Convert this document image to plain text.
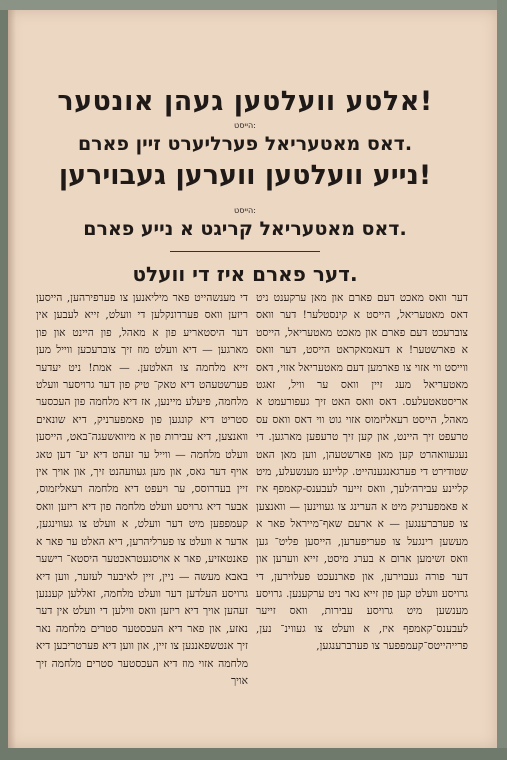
!אלטע וועלטען געהן אונטער
:הייסט
.דאס מאטעריאל פערליערט זיין פארם
!נייע וועלטען ווערען געבוירען
:הייסט
.דאס מאטעריאל קריגט א נייע פארם
.דער פארם איז די וועלט

דער וואס מאכט דעם פארם און מאן ערקענט ניט דאס מאטעריאל, הייסט א קינסטלער! דער וואס צוברעכט דעם פארם און מאכט מאטעריאל, הייסט א פארשטער! א דעאמאקראט הייסט, דער וואס ווייסט ווי אזוי צו פארמען דעם מאטעריאל אזוי, דאס מאטעריאל מעג זיין וואס ער וויל, זאגט אריסטאטעלעס. דאס וואס האט זיך געפורעמט א מאהל, הייסט רעאליזמוס אזוי גוט ווי דאס וואס עס טרעפט זיך היינט, און קען זיך טרעפען מארגען. די נעגעוואהרט קען מאן פארשטעהן, ווען מאן האט שטודירט די פערגאנגענהייט. קליינע מענשעלע, מיט קליינע עבירה׳לעך, וואס זייער לעבענס-קאמפף איז א פאמפערניק מיט א הערינג צו געווינען — וואנצען צו פערברענגען — א ארעם שאף־מייראל פאר א מעשען רינגעל צו פעריפערען, הייסען פליט־ גען וואס זשימען ארום א בערג מיסט, זייא ווערען און דער פורה געבוירען, און פארנעכט פעלוירען, די גרויסע וועלט קען פון זייא נאר ניט ערקענען. גרויסע מענשען מיט גרויסע עבירות, וואס זייער לעבענס־קאמפף איז, א וועלט צו געווינ־ נען, פרייהייטס־קעמפפער צו פערברענגען,

די מענשהייט פאר מיליאנען צו פערפירהען, הייסען ריזען וואס פערדונקלען די וועלט, זייא לעבען אין דער היסטאריע פון א מאהל, פון היינט און פון מארגען — דיא וועלט מוז זיך צוברעכען ווייל מען זייא מלחמה צו האלטען. — אמת! ניט יעדער פערשטעהט דיא טאק־ טיק פון דער גרויסער וועלט מלחמה, פיעלע מיינען, אז דיא מלחמה פון העכסער סטריט דיא קונגען פון פאמפערניק, דיא שונאים וואנצען, דיא עבירות פון א מיוואשעגה־באט, הייסען וועלט מלחמה — ווייל ער זעהט דיא יע־ דען טאג אויף דער גאס, און מען געוועהנט זיך, און אויך אין זיין בעדרוסס, ער ויעפט דיא מלחמה רעאליזמוס, אבער דיא גרויסע וועלט מלחמה פון דיא ריזען וואס קעמפפען מיט דער וועלט, א וועלט צו געווינגען, אדער א וועלט צו פערליהרען, דיא האלט ער פאר א פאנטאזיע, פאר א אויסגעטראכטער היסטא־ רישער באבא מעשה — ניין, זיין לאיבער לעזער, ווען דיא גרויסע העלדען דער וועלט מלחמה, זאללען קעננען זעהען אויך דיא ריזען וואס ווילען די וועלט אין דער נאזע, און פאר דיא העכסטער סטרים מלחמה נאר זיך אנטשפאננען צו זיין, און ווען דיא פערטריבען דיא מלחמה אזוי מוז דיא העכסטער סטרים מלחמה זיך אויך
